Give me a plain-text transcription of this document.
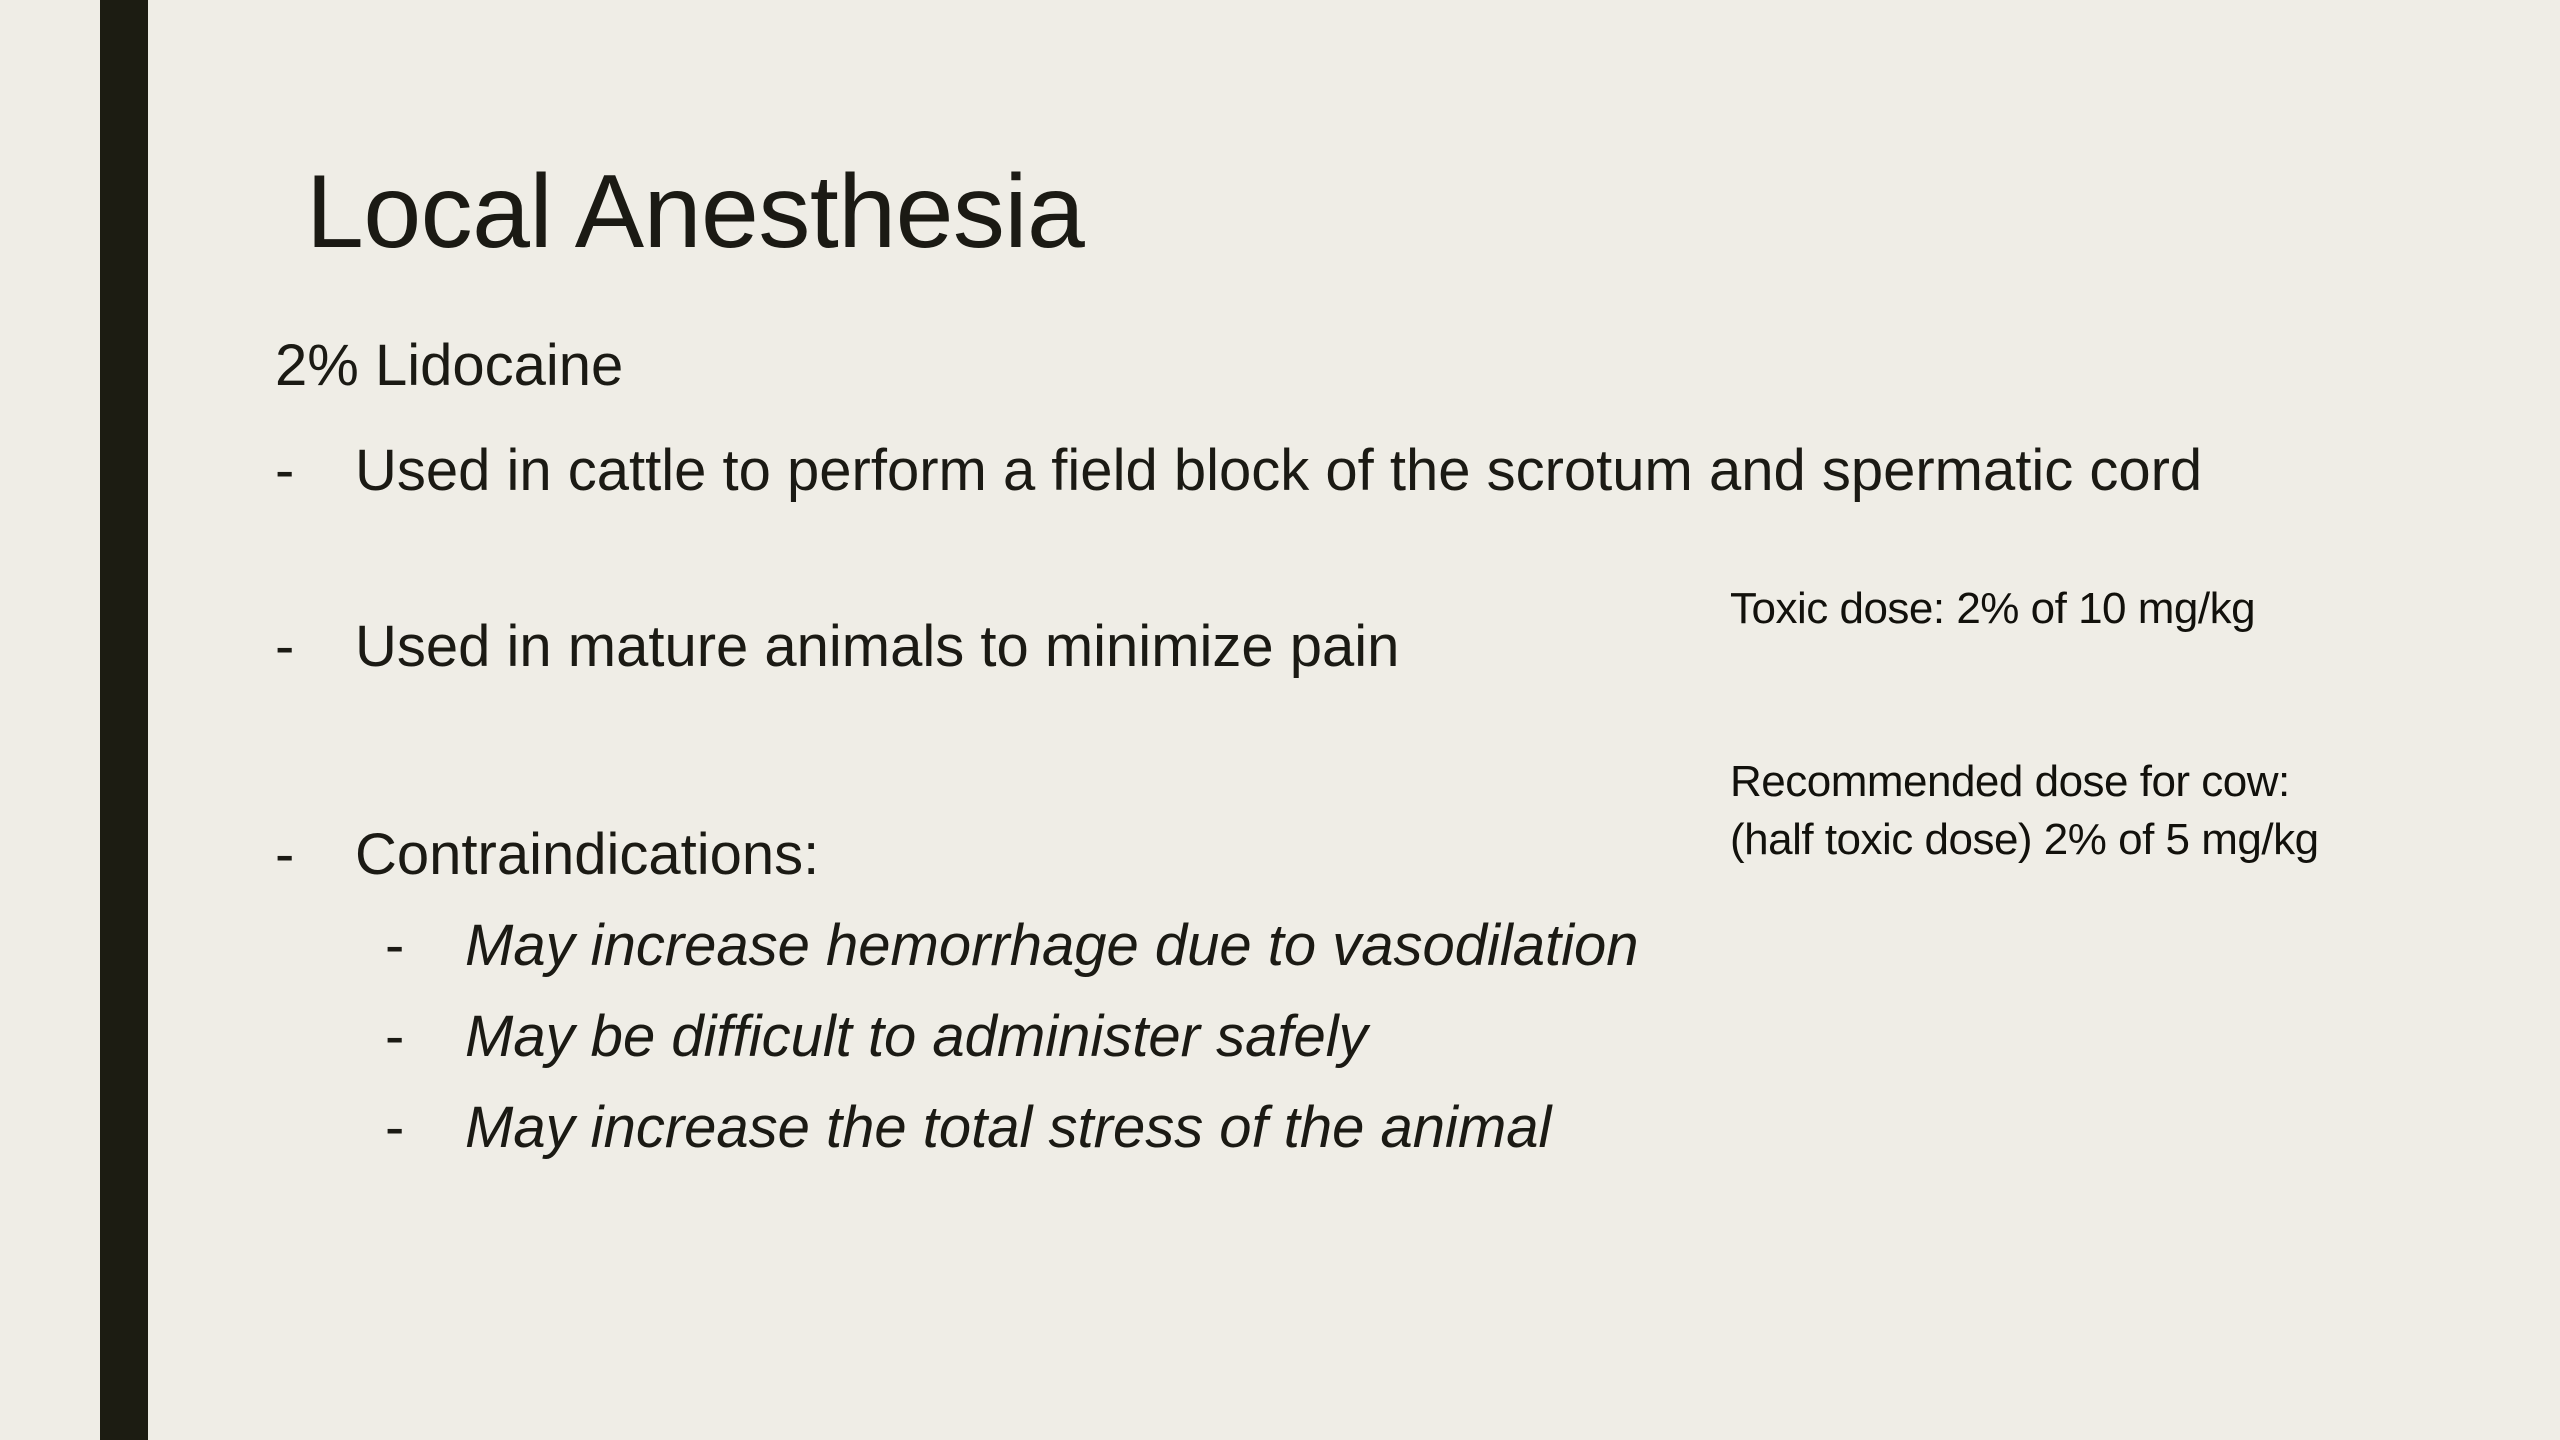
Local Anesthesia

2% Lidocaine

- Used in cattle to perform a field block of the scrotum and spermatic cord
- Used in mature animals to minimize pain
- Contraindications:
- May increase hemorrhage due to vasodilation
- May be difficult to administer safely
- May increase the total stress of the animal
Toxic dose: 2% of 10 mg/kg
Recommended dose for cow:
(half toxic dose) 2% of 5 mg/kg
